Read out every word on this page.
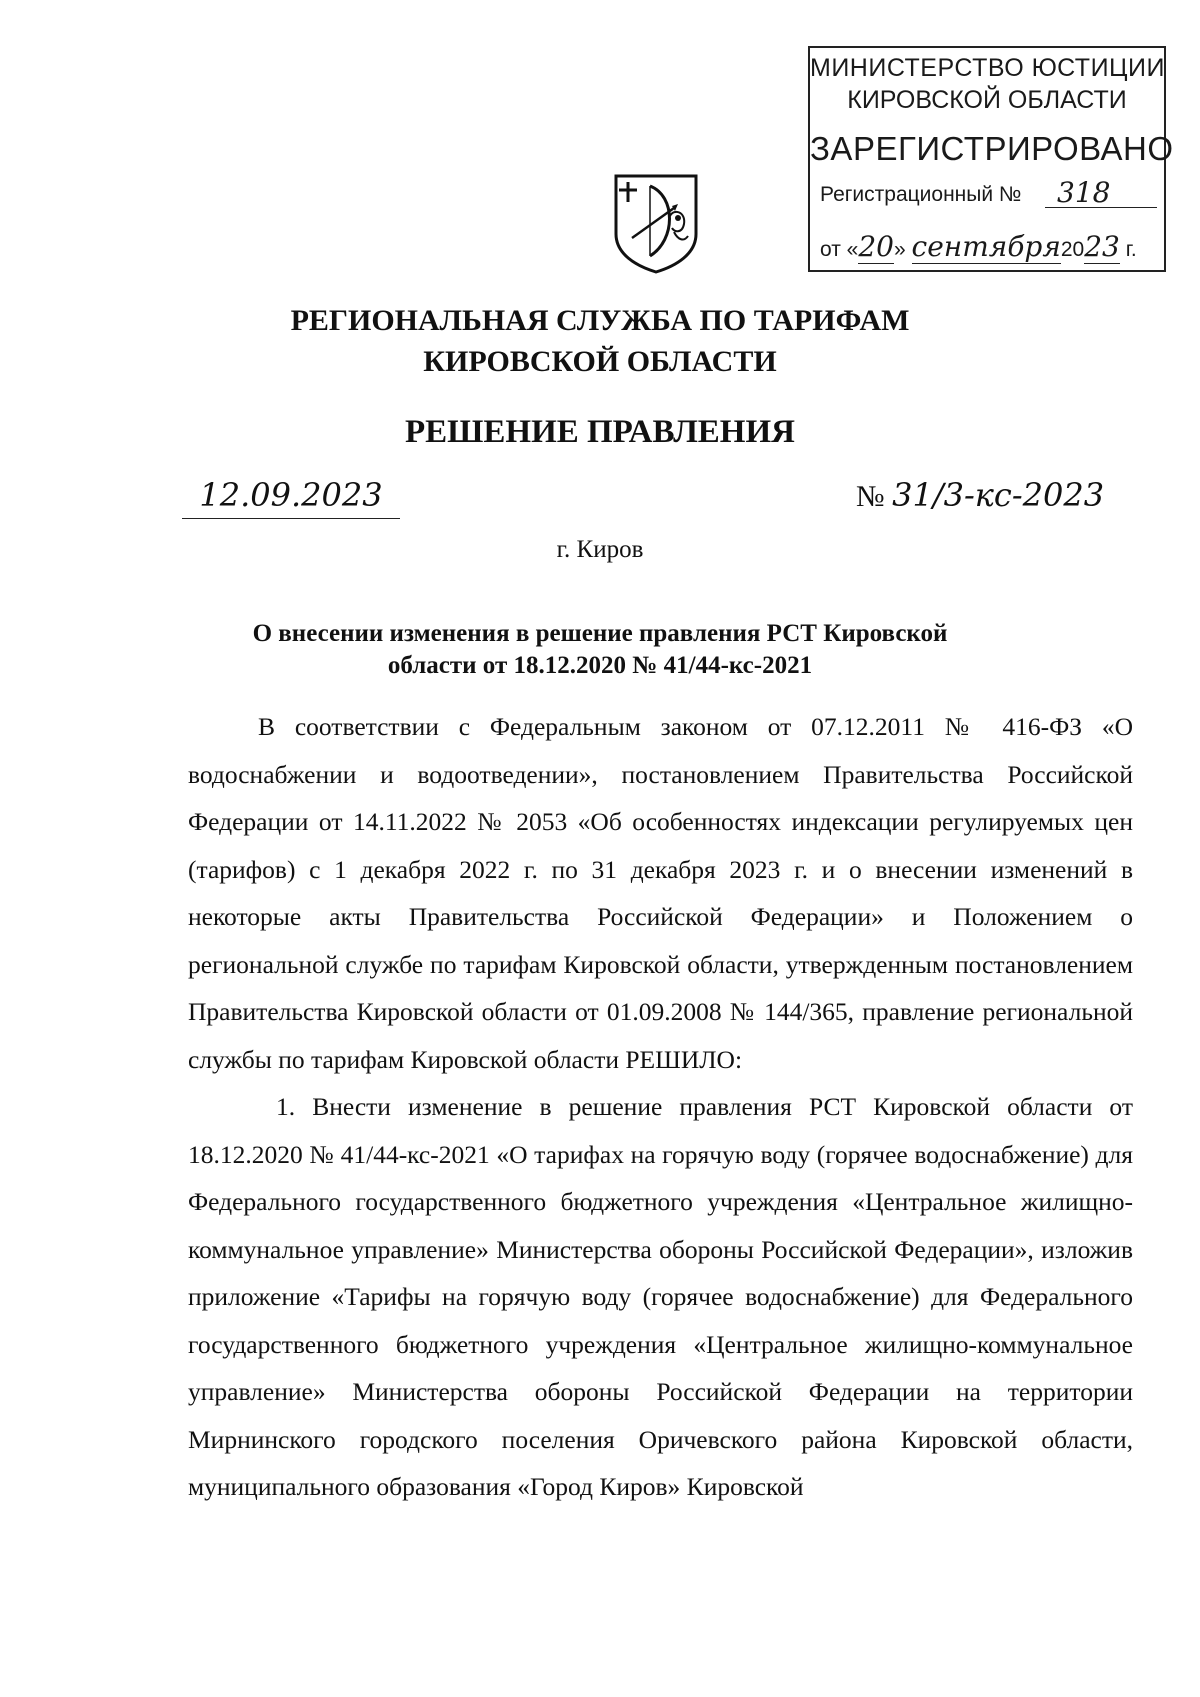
МИНИСТЕРСТВО ЮСТИЦИИ
КИРОВСКОЙ ОБЛАСТИ
ЗАРЕГИСТРИРОВАНО
Регистрационный №	318
от «20» сентября2023 г.
РЕГИОНАЛЬНАЯ СЛУЖБА ПО ТАРИФАМ
КИРОВСКОЙ ОБЛАСТИ
РЕШЕНИЕ ПРАВЛЕНИЯ
12.09.2023	№ 31/3-кс-2023
г. Киров
О внесении изменения в решение правления РСТ Кировской
области от 18.12.2020 № 41/44-кс-2021

В соответствии с Федеральным законом от 07.12.2011 № 416-ФЗ «О водоснабжении и водоотведении», постановлением Правительства Российской Федерации от 14.11.2022 № 2053 «Об особенностях индексации регулируемых цен (тарифов) с 1 декабря 2022 г. по 31 декабря 2023 г. и о внесении изменений в некоторые акты Правительства Российской Федерации» и Положением о региональной службе по тарифам Кировской области, утвержденным постановлением Правительства Кировской области от 01.09.2008 № 144/365, правление региональной службы по тарифам Кировской области РЕШИЛО:

1. Внести изменение в решение правления РСТ Кировской области от 18.12.2020 № 41/44-кс-2021 «О тарифах на горячую воду (горячее водоснабжение) для Федерального государственного бюджетного учреждения «Центральное жилищно-коммунальное управление» Министерства обороны Российской Федерации», изложив приложение «Тарифы на горячую воду (горячее водоснабжение) для Федерального государственного бюджетного учреждения «Центральное жилищно-коммунальное управление» Министерства обороны Российской Федерации на территории Мирнинского городского поселения Оричевского района Кировской области, муниципального образования «Город Киров» Кировской
